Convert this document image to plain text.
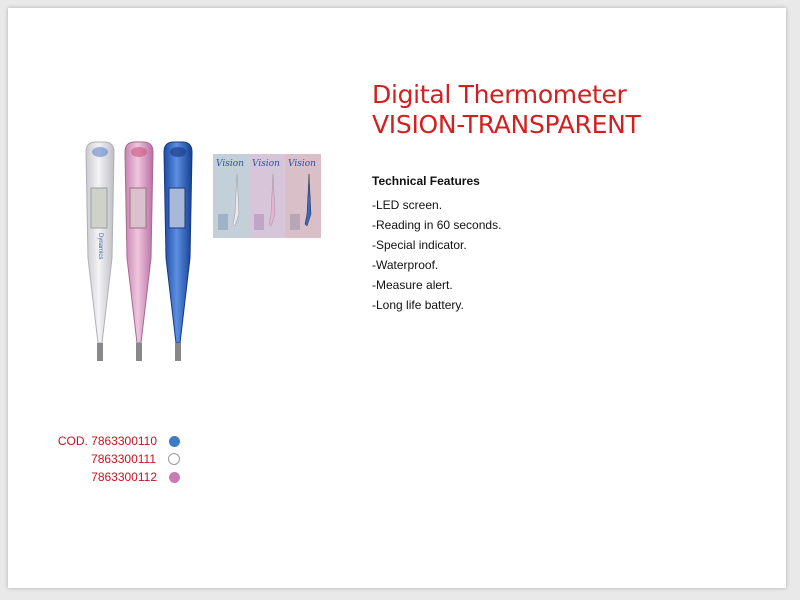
Dynamics
Vision Vision Vision
Digital Thermometer
VISION-TRANSPARENT
Technical Features
-LED screen.
-Reading in 60 seconds.
-Special indicator.
-Waterproof.
-Measure alert.
-Long life battery.
COD. 7863300110
7863300111
7863300112
